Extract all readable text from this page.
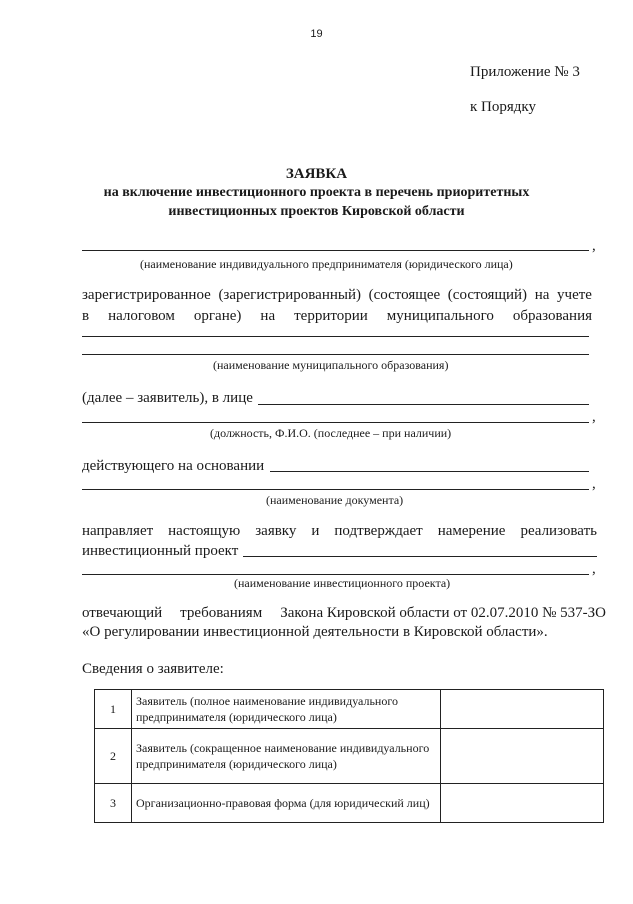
19
Приложение № 3
к Порядку
ЗАЯВКА
на включение инвестиционного проекта в перечень приоритетных
инвестиционных проектов Кировской области
,
(наименование индивидуального предпринимателя (юридического лица)
зарегистрированное (зарегистрированный) (состоящее (состоящий) на учете
в налоговом органе) на территории муниципального образования
(наименование муниципального образования)
(далее – заявитель), в лице
,
(должность, Ф.И.О. (последнее – при наличии)
действующего на основании
,
(наименование документа)
направляет настоящую заявку и подтверждает намерение реализовать
инвестиционный проект
,
(наименование инвестиционного проекта)
отвечающий требованиям Закона Кировской области от 02.07.2010 № 537-ЗО
«О регулировании инвестиционной деятельности в Кировской области».
Сведения о заявителе:
1	Заявитель (полное наименование индивидуального предпринимателя (юридического лица)	
2	Заявитель (сокращенное наименование индивидуального предпринимателя (юридического лица)	
3	Организационно-правовая форма (для юридический лиц)	
